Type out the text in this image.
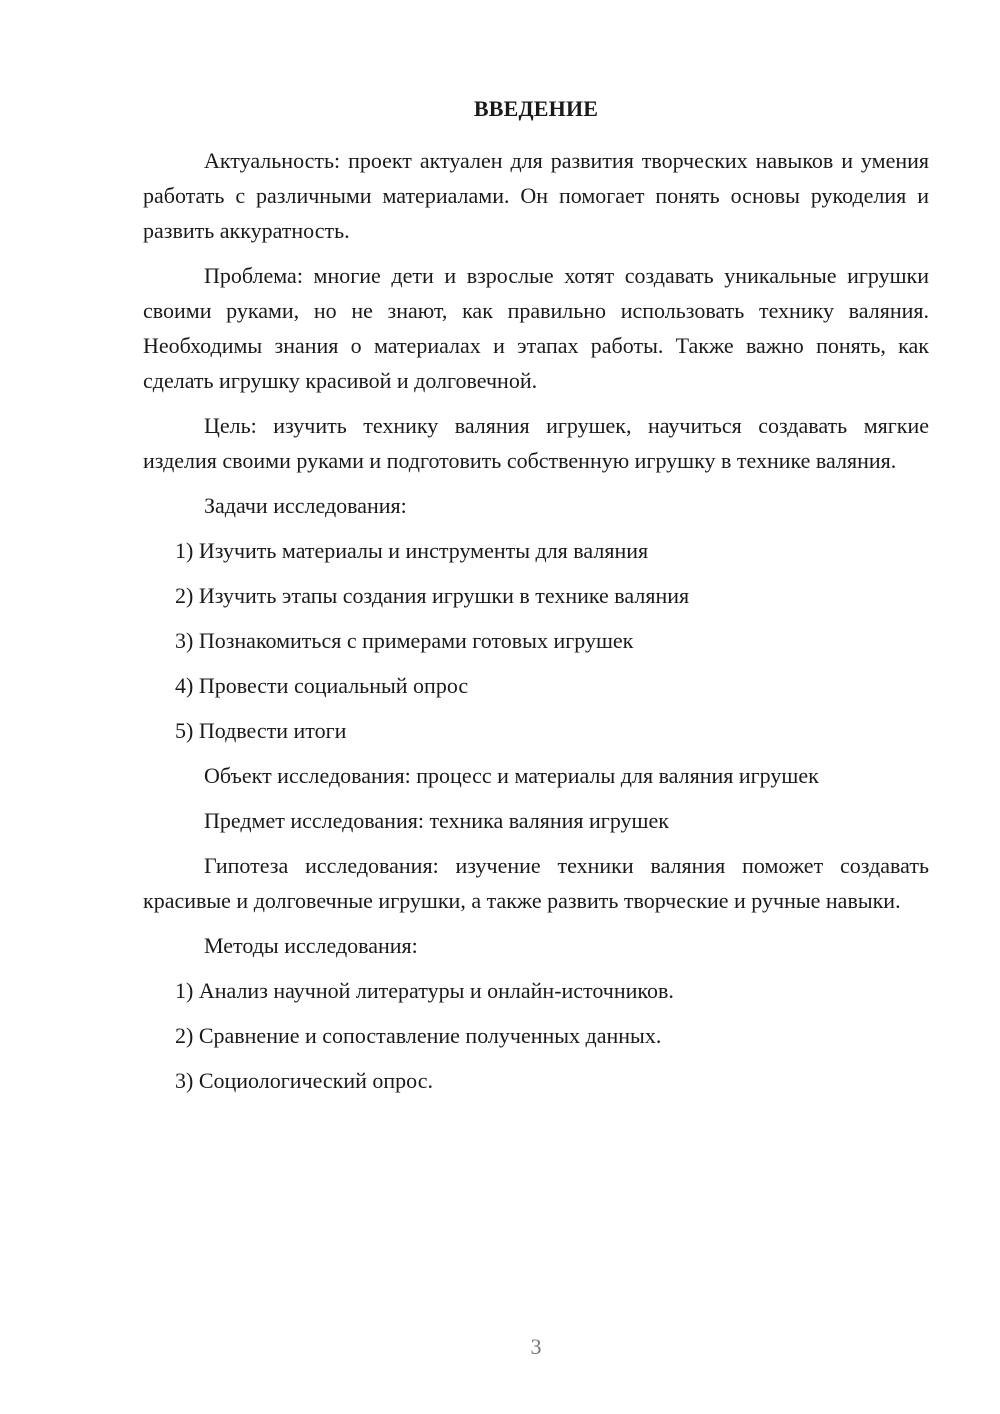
ВВЕДЕНИЕ

Актуальность: проект актуален для развития творческих навыков и умения работать с различными материалами. Он помогает понять основы рукоделия и развить аккуратность.

Проблема: многие дети и взрослые хотят создавать уникальные игрушки своими руками, но не знают, как правильно использовать технику валяния. Необходимы знания о материалах и этапах работы. Также важно понять, как сделать игрушку красивой и долговечной.

Цель: изучить технику валяния игрушек, научиться создавать мягкие изделия своими руками и подготовить собственную игрушку в технике валяния.

Задачи исследования:
1) Изучить материалы и инструменты для валяния
2) Изучить этапы создания игрушки в технике валяния
3) Познакомиться с примерами готовых игрушек
4) Провести социальный опрос
5) Подвести итоги
Объект исследования: процесс и материалы для валяния игрушек
Предмет исследования: техника валяния игрушек

Гипотеза исследования: изучение техники валяния поможет создавать красивые и долговечные игрушки, а также развить творческие и ручные навыки.

Методы исследования:
1) Анализ научной литературы и онлайн-источников.
2) Сравнение и сопоставление полученных данных.
3) Социологический опрос.
3
